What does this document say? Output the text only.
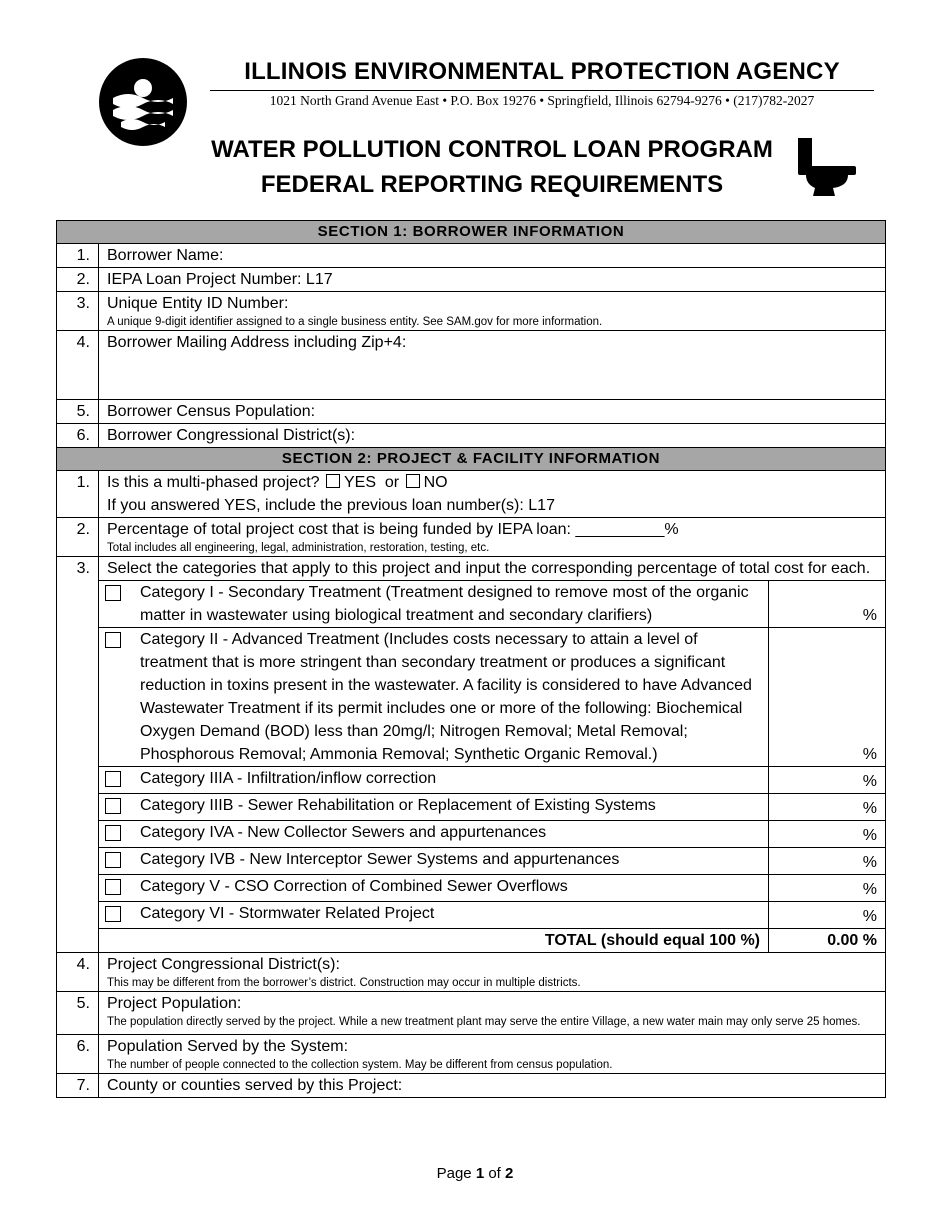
ILLINOIS ENVIRONMENTAL PROTECTION AGENCY
1021 North Grand Avenue East • P.O. Box 19276 • Springfield, Illinois 62794-9276 • (217)782-2027
WATER POLLUTION CONTROL LOAN PROGRAM
FEDERAL REPORTING REQUIREMENTS
SECTION 1: BORROWER INFORMATION
1.	Borrower Name:
2.	IEPA Loan Project Number: L17
3.	Unique Entity ID Number:
A unique 9-digit identifier assigned to a single business entity. See SAM.gov for more information.

4.	Borrower Mailing Address including Zip+4:
5.	Borrower Census Population:
6.	Borrower Congressional District(s):
SECTION 2: PROJECT & FACILITY INFORMATION
1.	Is this a multi-phased project? YES or NO
If you answered YES, include the previous loan number(s): L17

2.	Percentage of total project cost that is being funded by IEPA loan: __________%
Total includes all engineering, legal, administration, restoration, testing, etc.

3.	Select the categories that apply to this project and input the corresponding percentage of total cost for each.
	Category I - Secondary Treatment (Treatment designed to remove most of the organic matter in wastewater using biological treatment and secondary clarifiers)	%
	Category II - Advanced Treatment (Includes costs necessary to attain a level of treatment that is more stringent than secondary treatment or produces a significant reduction in toxins present in the wastewater. A facility is considered to have Advanced Wastewater Treatment if its permit includes one or more of the following: Biochemical Oxygen Demand (BOD) less than 20mg/l; Nitrogen Removal; Metal Removal; Phosphorous Removal; Ammonia Removal; Synthetic Organic Removal.)	%
	Category IIIA - Infiltration/inflow correction	%
	Category IIIB - Sewer Rehabilitation or Replacement of Existing Systems	%
	Category IVA - New Collector Sewers and appurtenances	%
	Category IVB - New Interceptor Sewer Systems and appurtenances	%
	Category V - CSO Correction of Combined Sewer Overflows	%
	Category VI - Stormwater Related Project	%
TOTAL (should equal 100 %)	0.00 %

4.	Project Congressional District(s):
This may be different from the borrower’s district. Construction may occur in multiple districts.

5.	Project Population:
The population directly served by the project. While a new treatment plant may serve the entire Village, a new water main may only serve 25 homes.

6.	Population Served by the System:
The number of people connected to the collection system. May be different from census population.

7.	County or counties served by this Project:
Page 1 of 2
